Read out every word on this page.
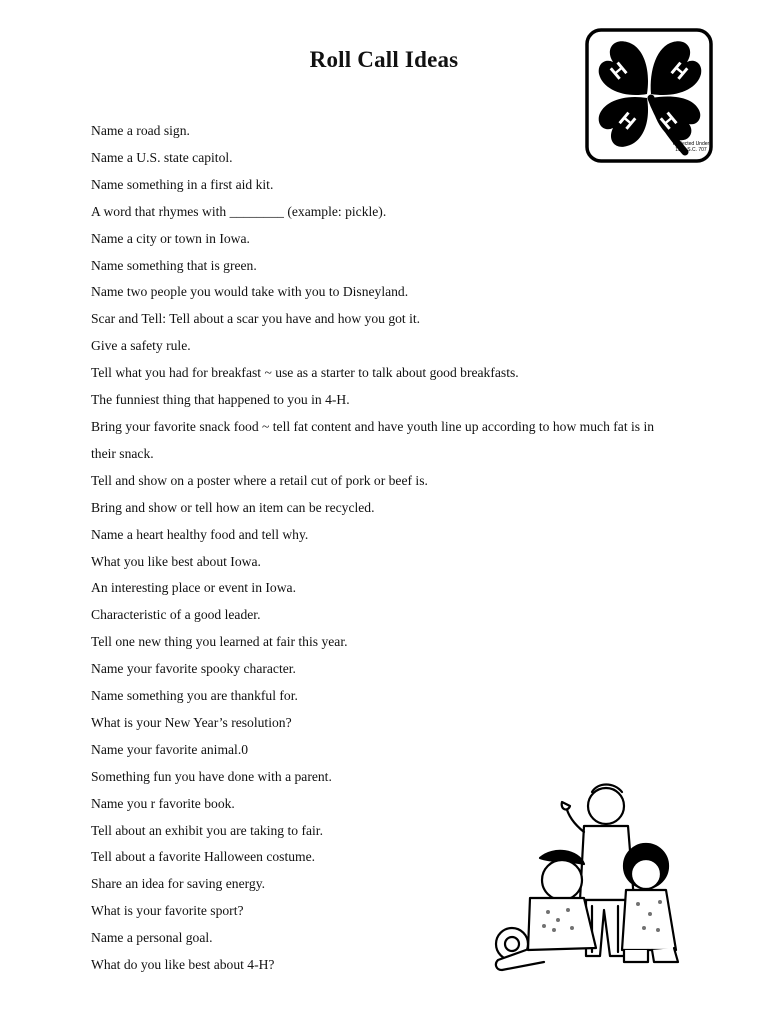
Roll Call Ideas	H H
H H
Protected Under
18 U.S.C. 707
Name a road sign.
Name a U.S. state capitol.
Name something in a first aid kit.
A word that rhymes with ________ (example: pickle).
Name a city or town in Iowa.
Name something that is green.
Name two people you would take with you to Disneyland.
Scar and Tell: Tell about a scar you have and how you got it.
Give a safety rule.
Tell what you had for breakfast ~ use as a starter to talk about good breakfasts.
The funniest thing that happened to you in 4-H.
Bring your favorite snack food ~ tell fat content and have youth line up according to how much fat is in their snack.
Tell and show on a poster where a retail cut of pork or beef is.
Bring and show or tell how an item can be recycled.
Name a heart healthy food and tell why.
What you like best about Iowa.
An interesting place or event in Iowa.
Characteristic of a good leader.
Tell one new thing you learned at fair this year.
Name your favorite spooky character.
Name something you are thankful for.
What is your New Year’s resolution?
Name your favorite animal.0
Something fun you have done with a parent.
Name you r favorite book.
Tell about an exhibit you are taking to fair.
Tell about a favorite Halloween costume.
Share an idea for saving energy.
What is your favorite sport?
Name a personal goal.
What do you like best about 4-H?
